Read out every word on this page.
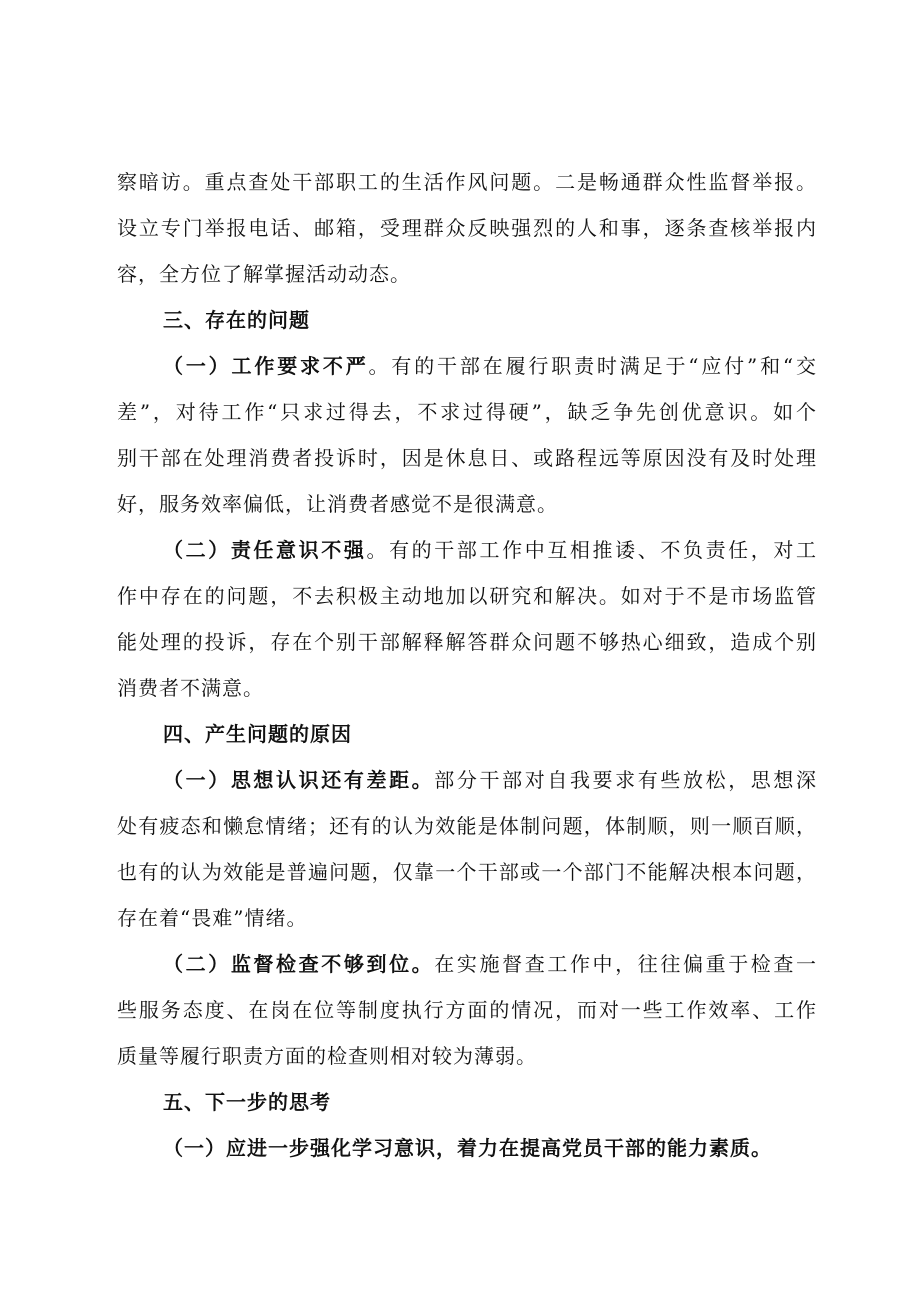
察暗访。重点查处干部职工的生活作风问题。二是畅通群众性监督举报。
设立专门举报电话、邮箱，受理群众反映强烈的人和事，逐条查核举报内
容，全方位了解掌握活动动态。
三、存在的问题
（一）工作要求不严。有的干部在履行职责时满足于“应付”和“交
差”，对待工作“只求过得去，不求过得硬”，缺乏争先创优意识。如个
别干部在处理消费者投诉时，因是休息日、或路程远等原因没有及时处理
好，服务效率偏低，让消费者感觉不是很满意。
（二）责任意识不强。有的干部工作中互相推诿、不负责任，对工
作中存在的问题，不去积极主动地加以研究和解决。如对于不是市场监管
能处理的投诉，存在个别干部解释解答群众问题不够热心细致，造成个别
消费者不满意。
四、产生问题的原因
（一）思想认识还有差距。部分干部对自我要求有些放松，思想深
处有疲态和懒怠情绪；还有的认为效能是体制问题，体制顺，则一顺百顺，
也有的认为效能是普遍问题，仅靠一个干部或一个部门不能解决根本问题，
存在着“畏难”情绪。
（二）监督检查不够到位。在实施督查工作中，往往偏重于检查一
些服务态度、在岗在位等制度执行方面的情况，而对一些工作效率、工作
质量等履行职责方面的检查则相对较为薄弱。
五、下一步的思考
（一）应进一步强化学习意识，着力在提高党员干部的能力素质。
